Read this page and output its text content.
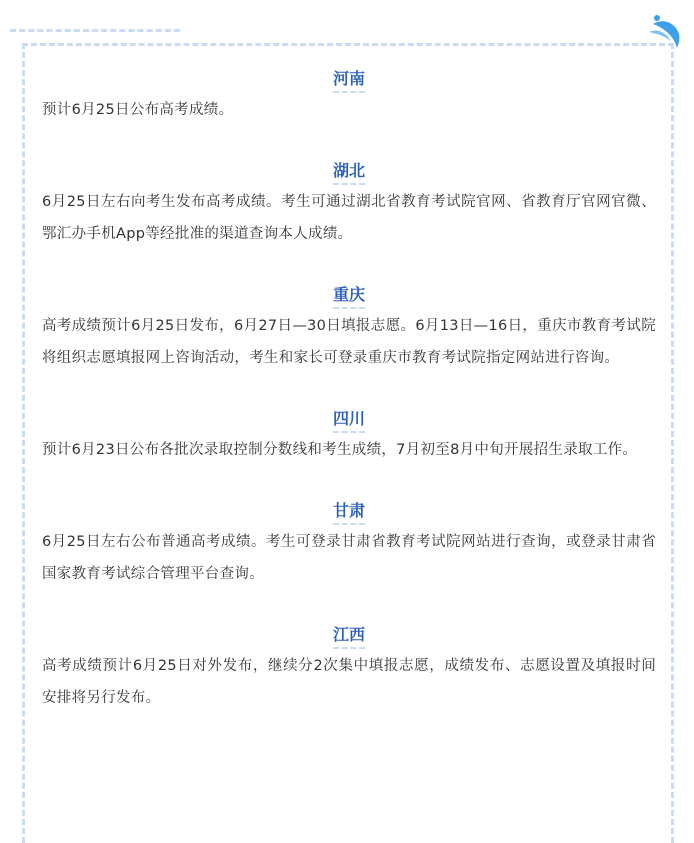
河南

预计6月25日公布高考成绩。

湖北

6月25日左右向考生发布高考成绩。考生可通过湖北省教育考试院官网、省教育厅官网官微、鄂汇办手机App等经批准的渠道查询本人成绩。

重庆

高考成绩预计6月25日发布，6月27日—30日填报志愿。6月13日—16日，重庆市教育考试院将组织志愿填报网上咨询活动，考生和家长可登录重庆市教育考试院指定网站进行咨询。

四川

预计6月23日公布各批次录取控制分数线和考生成绩，7月初至8月中旬开展招生录取工作。

甘肃

6月25日左右公布普通高考成绩。考生可登录甘肃省教育考试院网站进行查询，或登录甘肃省国家教育考试综合管理平台查询。

江西

高考成绩预计6月25日对外发布，继续分2次集中填报志愿，成绩发布、志愿设置及填报时间安排将另行发布。
